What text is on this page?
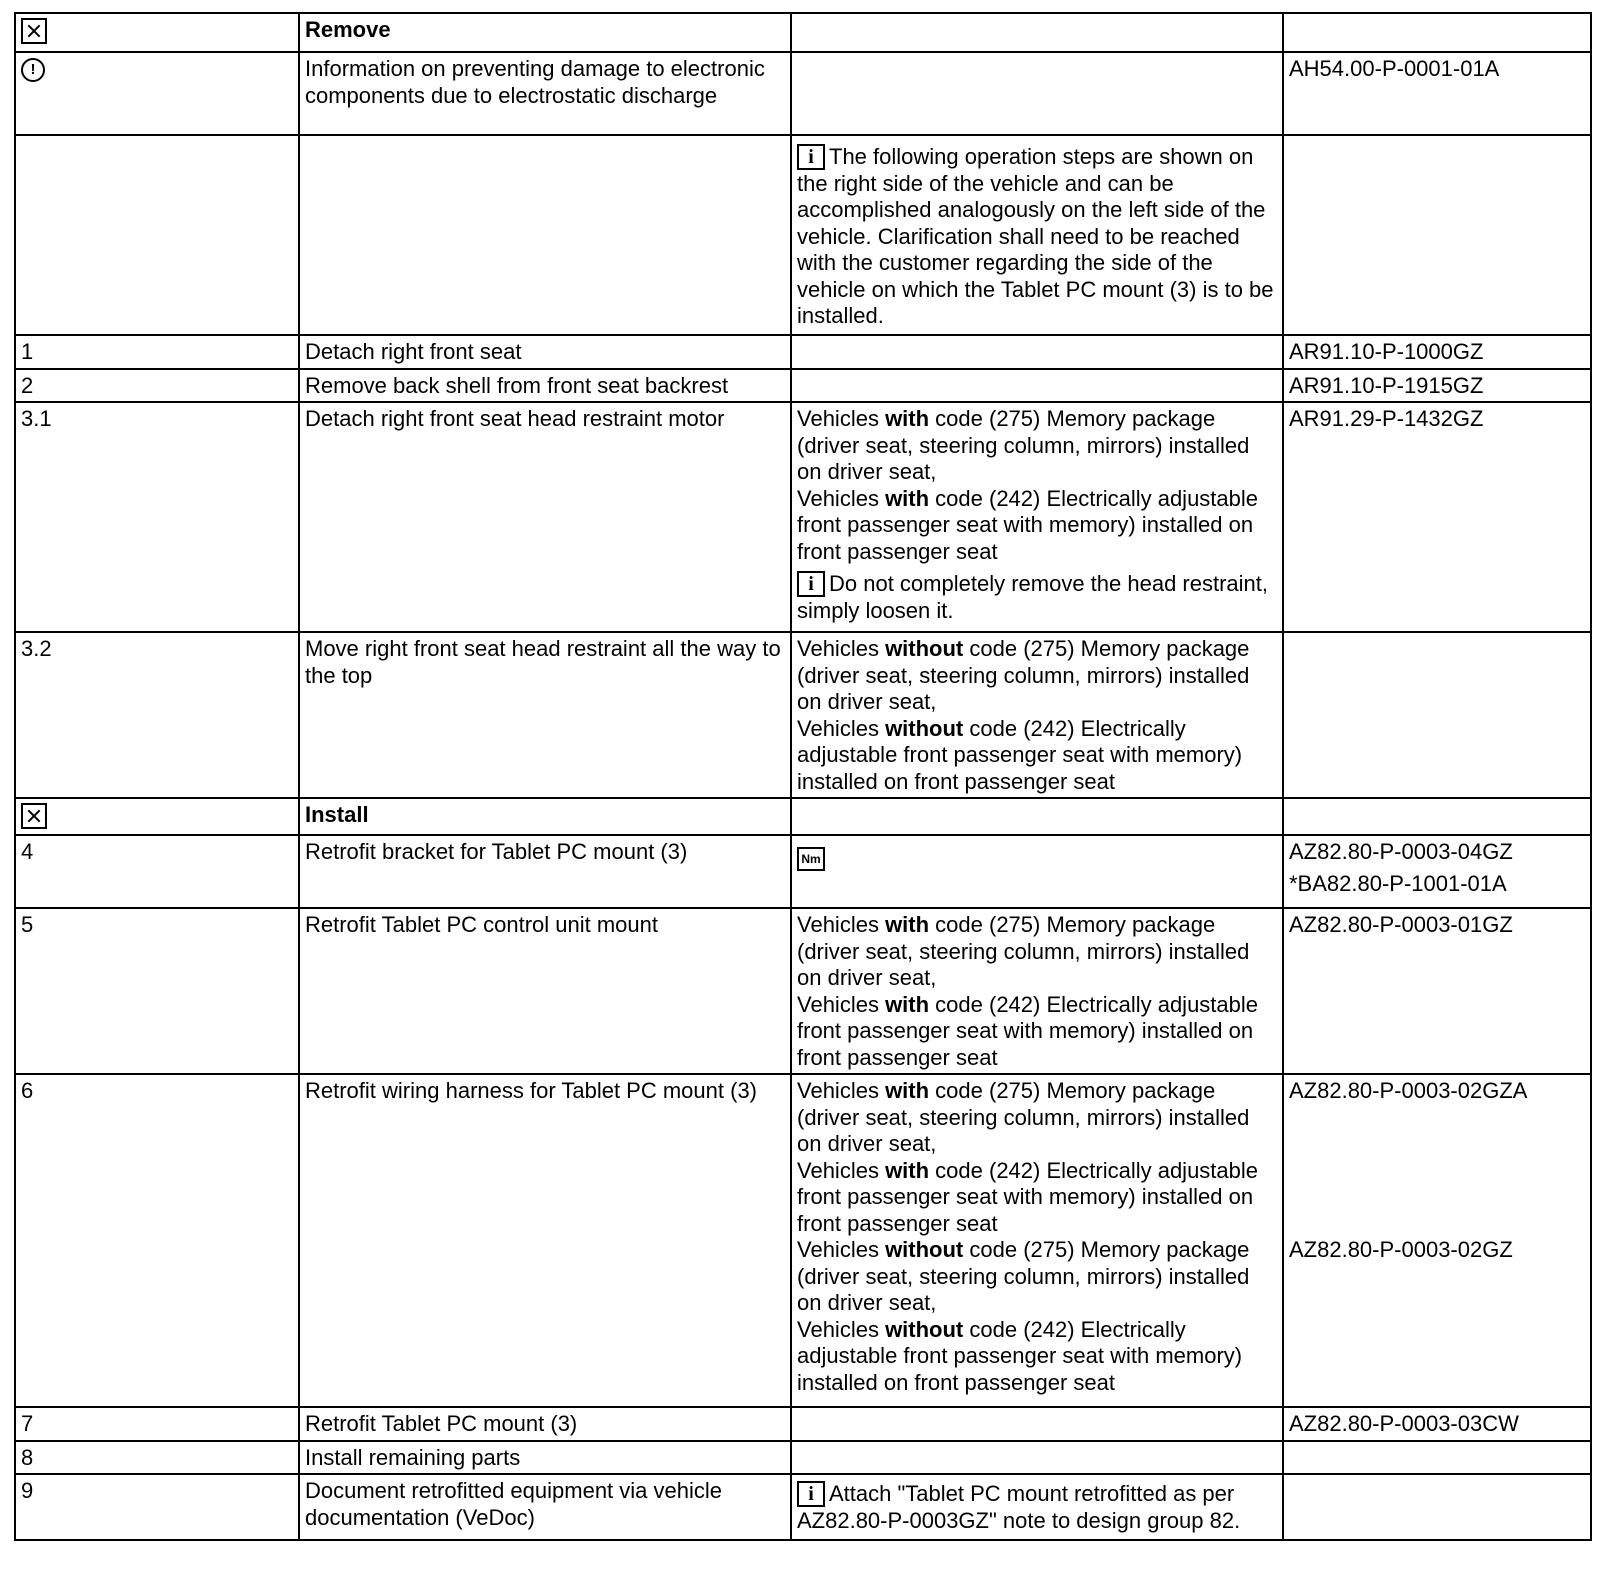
	Remove		
!	Information on preventing damage to electronic components due to electrostatic discharge		AH54.00-P-0001-01A
		i The following operation steps are shown on the right side of the vehicle and can be accomplished analogously on the left side of the vehicle. Clarification shall need to be reached with the customer regarding the side of the vehicle on which the Tablet PC mount (3) is to be installed.	
1	Detach right front seat		AR91.10-P-1000GZ
2	Remove back shell from front seat backrest		AR91.10-P-1915GZ
3.1	Detach right front seat head restraint motor	Vehicles with code (275) Memory package (driver seat, steering column, mirrors) installed on driver seat,
Vehicles with code (242) Electrically adjustable front passenger seat with memory) installed on front passenger seat
i Do not completely remove the head restraint, simply loosen it.	AR91.29-P-1432GZ
3.2	Move right front seat head restraint all the way to the top	Vehicles without code (275) Memory package (driver seat, steering column, mirrors) installed on driver seat,
Vehicles without code (242) Electrically adjustable front passenger seat with memory) installed on front passenger seat	

	Install		
4	Retrofit bracket for Tablet PC mount (3)	Nm	AZ82.80-P-0003-04GZ
*BA82.80-P-1001-01A

5	Retrofit Tablet PC control unit mount	Vehicles with code (275) Memory package (driver seat, steering column, mirrors) installed on driver seat,
Vehicles with code (242) Electrically adjustable front passenger seat with memory) installed on front passenger seat	AZ82.80-P-0003-01GZ
6	Retrofit wiring harness for Tablet PC mount (3)	Vehicles with code (275) Memory package (driver seat, steering column, mirrors) installed on driver seat,
Vehicles with code (242) Electrically adjustable front passenger seat with memory) installed on front passenger seat
Vehicles without code (275) Memory package (driver seat, steering column, mirrors) installed on driver seat,
Vehicles without code (242) Electrically adjustable front passenger seat with memory) installed on front passenger seat	AZ82.80-P-0003-02GZA
AZ82.80-P-0003-02GZ

7	Retrofit Tablet PC mount (3)		AZ82.80-P-0003-03CW
8	Install remaining parts		
9	Document retrofitted equipment via vehicle documentation (VeDoc)	i Attach "Tablet PC mount retrofitted as per AZ82.80-P-0003GZ" note to design group 82.	
